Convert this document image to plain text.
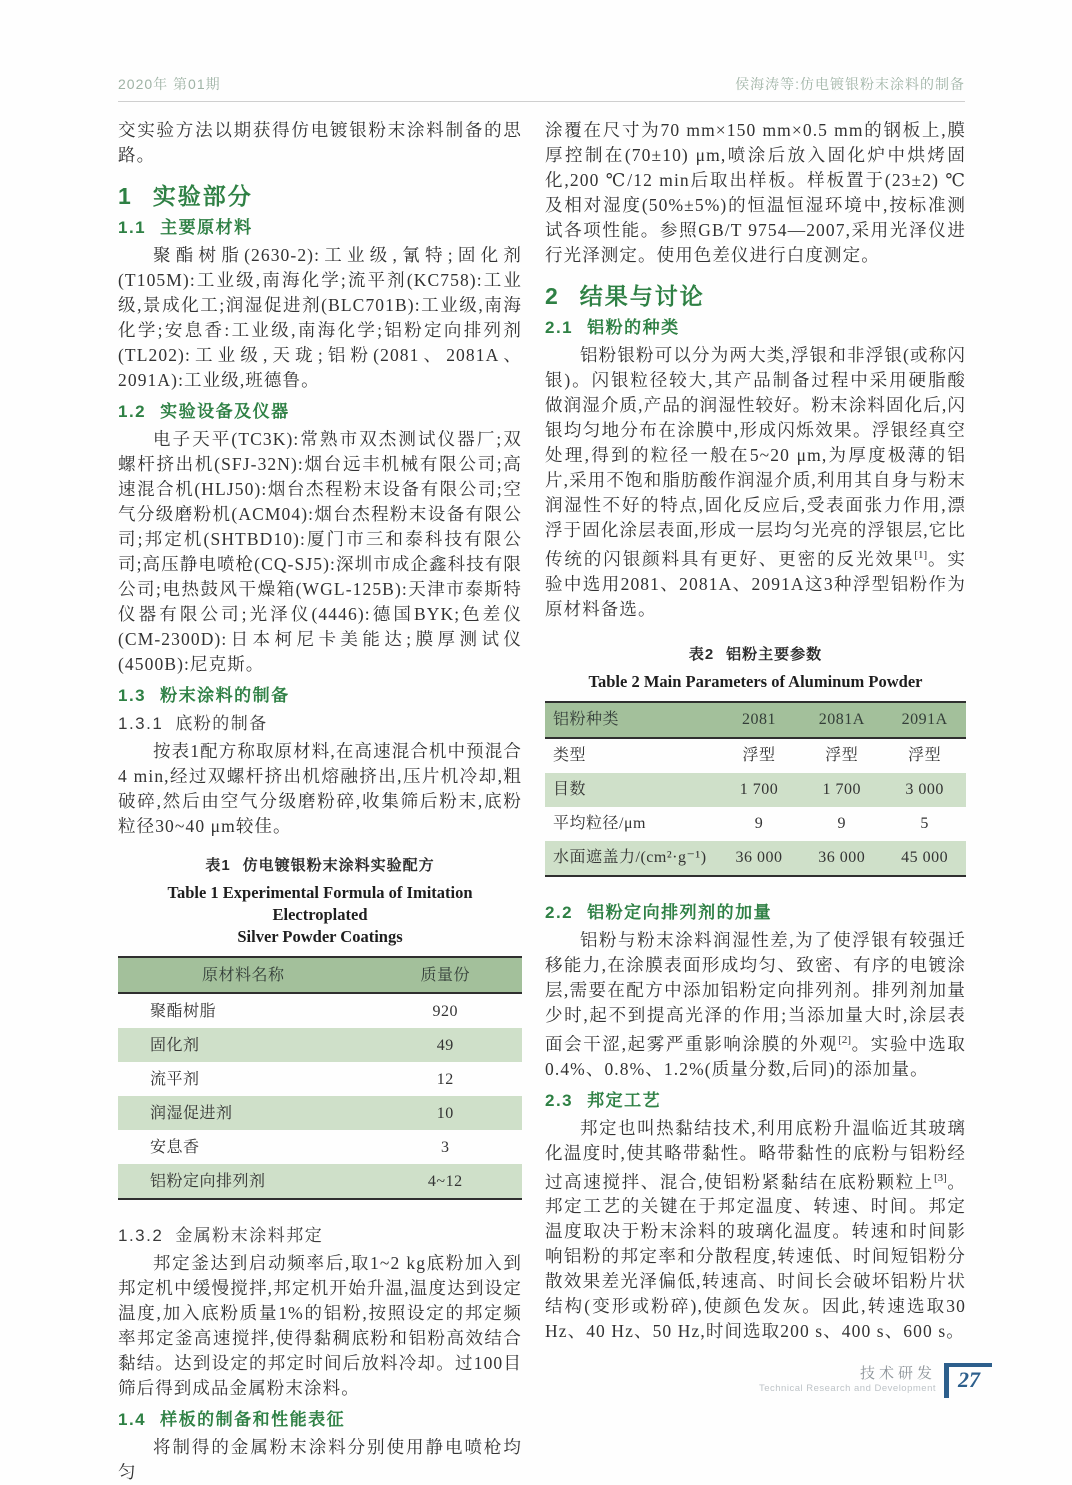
2020年 第01期	侯海涛等:仿电镀银粉末涂料的制备

交实验方法以期获得仿电镀银粉末涂料制备的思路。

1 实验部分
1.1 主要原材料

聚酯树脂(2630-2):工业级,氰特;固化剂(T105M):工业级,南海化学;流平剂(KC758):工业级,景成化工;润湿促进剂(BLC701B):工业级,南海化学;安息香:工业级,南海化学;铝粉定向排列剂(TL202):工业级,天珑;铝粉(2081、2081A、2091A):工业级,班德鲁。

1.2 实验设备及仪器

电子天平(TC3K):常熟市双杰测试仪器厂;双螺杆挤出机(SFJ-32N):烟台远丰机械有限公司;高速混合机(HLJ50):烟台杰程粉末设备有限公司;空气分级磨粉机(ACM04):烟台杰程粉末设备有限公司;邦定机(SHTBD10):厦门市三和泰科技有限公司;高压静电喷枪(CQ-SJ5):深圳市成企鑫科技有限公司;电热鼓风干燥箱(WGL-125B):天津市泰斯特仪器有限公司;光泽仪(4446):德国BYK;色差仪(CM-2300D):日本柯尼卡美能达;膜厚测试仪(4500B):尼克斯。

1.3 粉末涂料的制备
1.3.1 底粉的制备

按表1配方称取原材料,在高速混合机中预混合4 min,经过双螺杆挤出机熔融挤出,压片机冷却,粗破碎,然后由空气分级磨粉碎,收集筛后粉末,底粉粒径30~40 μm较佳。

表1 仿电镀银粉末涂料实验配方

Table 1 Experimental Formula of Imitation Electroplated
Silver Powder Coatings

原材料名称	质量份
聚酯树脂	920
固化剂	49
流平剂	12
润湿促进剂	10
安息香	3
铝粉定向排列剂	4~12
1.3.2 金属粉末涂料邦定

邦定釜达到启动频率后,取1~2 kg底粉加入到邦定机中缓慢搅拌,邦定机开始升温,温度达到设定温度,加入底粉质量1%的铝粉,按照设定的邦定频率邦定釜高速搅拌,使得黏稠底粉和铝粉高效结合黏结。达到设定的邦定时间后放料冷却。过100目筛后得到成品金属粉末涂料。

1.4 样板的制备和性能表征

将制得的金属粉末涂料分别使用静电喷枪均匀

涂覆在尺寸为70 mm×150 mm×0.5 mm的钢板上,膜厚控制在(70±10) μm,喷涂后放入固化炉中烘烤固化,200 ℃/12 min后取出样板。样板置于(23±2) ℃及相对湿度(50%±5%)的恒温恒湿环境中,按标准测试各项性能。参照GB/T 9754—2007,采用光泽仪进行光泽测定。使用色差仪进行白度测定。

2 结果与讨论
2.1 铝粉的种类

铝粉银粉可以分为两大类,浮银和非浮银(或称闪银)。闪银粒径较大,其产品制备过程中采用硬脂酸做润湿介质,产品的润湿性较好。粉末涂料固化后,闪银均匀地分布在涂膜中,形成闪烁效果。浮银经真空处理,得到的粒径一般在5~20 μm,为厚度极薄的铝片,采用不饱和脂肪酸作润湿介质,利用其自身与粉末润湿性不好的特点,固化反应后,受表面张力作用,漂浮于固化涂层表面,形成一层均匀光亮的浮银层,它比传统的闪银颜料具有更好、更密的反光效果[1]。实验中选用2081、2081A、2091A这3种浮型铝粉作为原材料备选。

表2 铝粉主要参数

Table 2 Main Parameters of Aluminum Powder

铝粉种类	2081	2081A	2091A
类型	浮型	浮型	浮型
目数	1 700	1 700	3 000
平均粒径/μm	9	9	5
水面遮盖力/(cm²·g⁻¹)	36 000	36 000	45 000
2.2 铝粉定向排列剂的加量

铝粉与粉末涂料润湿性差,为了使浮银有较强迁移能力,在涂膜表面形成均匀、致密、有序的电镀涂层,需要在配方中添加铝粉定向排列剂。排列剂加量少时,起不到提高光泽的作用;当添加量大时,涂层表面会干涩,起雾严重影响涂膜的外观[2]。实验中选取0.4%、0.8%、1.2%(质量分数,后同)的添加量。

2.3 邦定工艺

邦定也叫热黏结技术,利用底粉升温临近其玻璃化温度时,使其略带黏性。略带黏性的底粉与铝粉经过高速搅拌、混合,使铝粉紧黏结在底粉颗粒上[3]。邦定工艺的关键在于邦定温度、转速、时间。邦定温度取决于粉末涂料的玻璃化温度。转速和时间影响铝粉的邦定率和分散程度,转速低、时间短铝粉分散效果差光泽偏低,转速高、时间长会破坏铝粉片状结构(变形或粉碎),使颜色发灰。因此,转速选取30 Hz、40 Hz、50 Hz,时间选取200 s、400 s、600 s。

技术研发
Technical Research and Development 27
